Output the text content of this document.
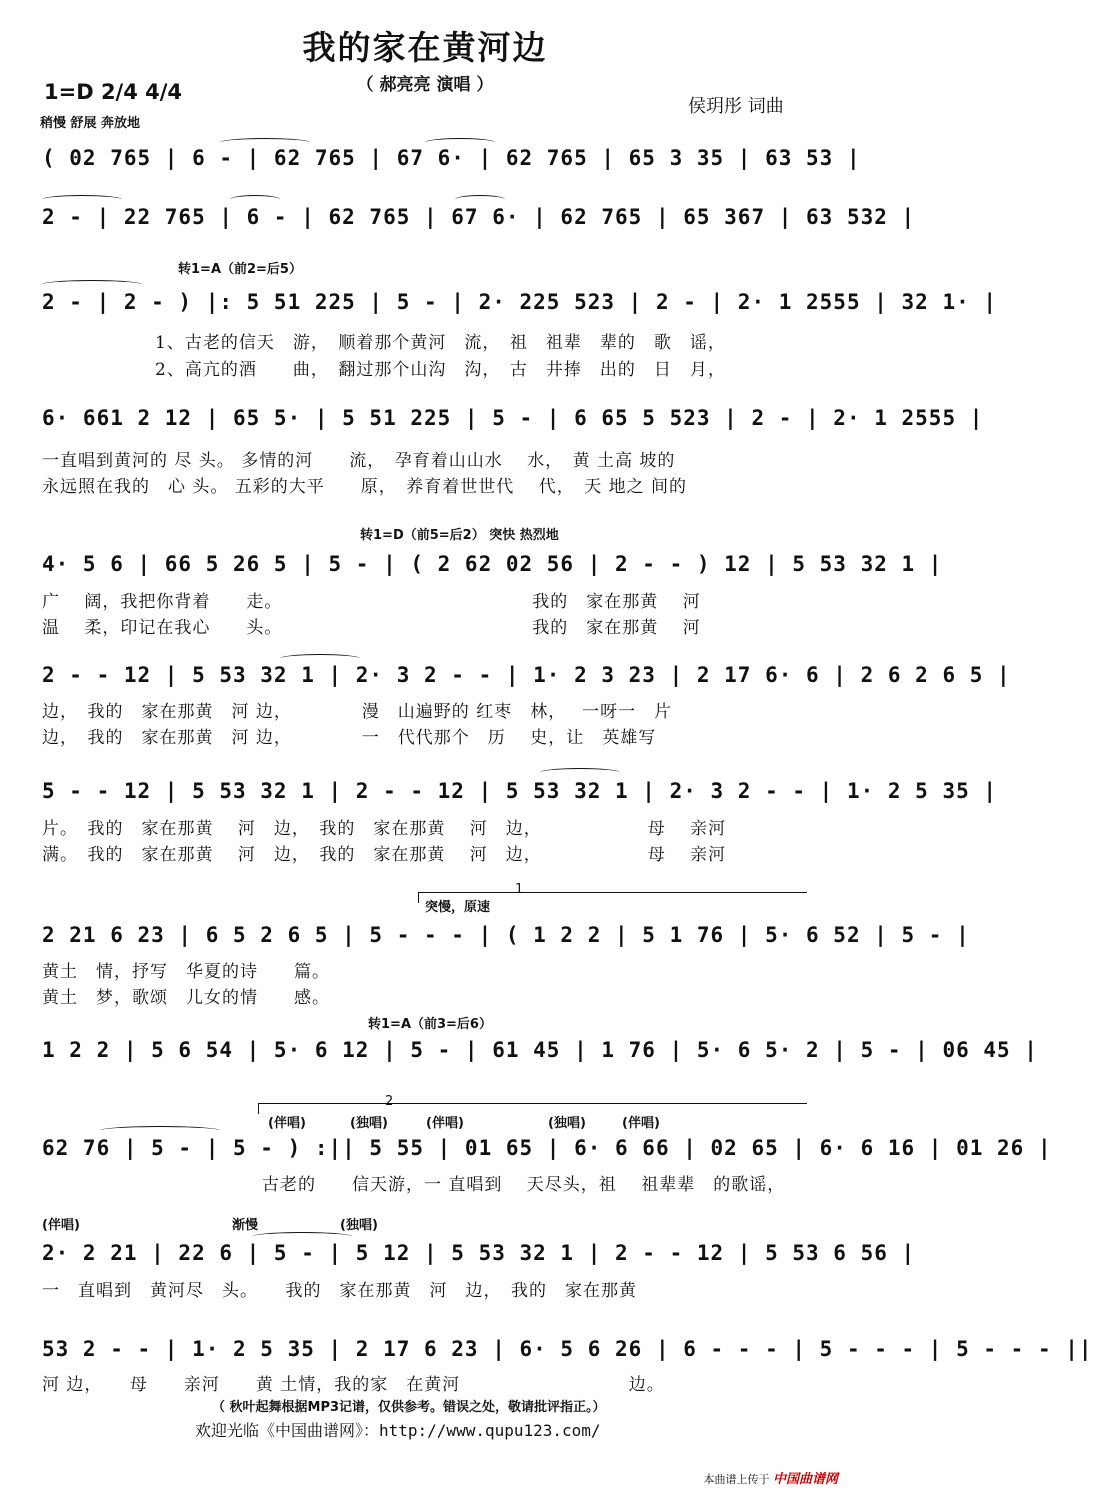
我的家在黄河边
（ 郝亮亮 演唱 ）
1=D 2/4 4/4
侯玥彤 词曲
稍慢 舒展 奔放地
( 02 765 | 6 - | 62 765 | 67 6· | 62 765 | 65 3 35 | 63 53 |
2 - | 22 765 | 6 - | 62 765 | 67 6· | 62 765 | 65 367 | 63 532 |
转1=A（前2=后5）
2 - | 2 - ) |: 5 51 225 | 5 - | 2· 225 523 | 2 - | 2· 1 2555 | 32 1· |
1、古老的信天　游，　顺着那个黄河　流，　祖　祖辈　辈的　歌　谣，
2、高亢的酒　　曲，　翻过那个山沟　沟，　古　井捧　出的　日　月，
6· 661 2 12 | 65 5· | 5 51 225 | 5 - | 6 65 5 523 | 2 - | 2· 1 2555 |
一直唱到黄河的 尽 头。 多情的河　　流，　孕育着山山水　 水，　黄 土高 坡的
永远照在我的　心 头。 五彩的大平　　原，　养育着世世代　 代，　天 地之 间的
转1=D（前5=后2） 突快 热烈地
4· 5 6 | 66 5 26 5 | 5 - | ( 2 62 02 56 | 2 - - ) 12 | 5 53 32 1 |
广　 阔，我把你背着　　走。　　　　　　　　　　　　　　 我的　家在那黄　 河
温　 柔，印记在我心　　头。　　　　　　　　　　　　　　 我的　家在那黄　 河
2 - - 12 | 5 53 32 1 | 2· 3 2 - - | 1· 2 3 23 | 2 17 6· 6 | 2 6 2 6 5 |
边，　我的　家在那黄　河 边，　　　　 漫　山遍野的 红枣　林，　 一呀一　片
边，　我的　家在那黄　河 边，　　　　 一　代代那个　历　 史，让　英雄写
5 - - 12 | 5 53 32 1 | 2 - - 12 | 5 53 32 1 | 2· 3 2 - - | 1· 2 5 35 |
片。　我的　家在那黄　 河　边，　我的　家在那黄　 河　边，　　　　　　 母　 亲河
满。　我的　家在那黄　 河　边，　我的　家在那黄　 河　边，　　　　　　 母　 亲河
1
突慢，原速
2 21 6 23 | 6 5 2 6 5 | 5 - - - | ( 1 2 2 | 5 1 76 | 5· 6 52 | 5 - |
黄土　情，抒写　华夏的诗　　篇。
黄土　梦，歌颂　儿女的情　　感。
转1=A（前3=后6）
1 2 2 | 5 6 54 | 5· 6 12 | 5 - | 61 45 | 1 76 | 5· 6 5· 2 | 5 - | 06 45 |
2
(伴唱)	(独唱)	(伴唱)	(独唱)	(伴唱)
62 76 | 5 - | 5 - ) :|| 5 55 | 01 65 | 6· 6 66 | 02 65 | 6· 6 16 | 01 26 |
古老的　　信天游，一 直唱到　 天尽头，祖　 祖辈辈　的歌谣，
(伴唱)	渐慢	(独唱)
2· 2 21 | 22 6 | 5 - | 5 12 | 5 53 32 1 | 2 - - 12 | 5 53 6 56 |
一　直唱到　黄河尽　头。　　我的　家在那黄　河　边，　我的　家在那黄
53 2 - - | 1· 2 5 35 | 2 17 6 23 | 6· 5 6 26 | 6 - - - | 5 - - - | 5 - - - ||
河 边，　　母　　亲河　　黄 土情，我的家　在黄河　　　　　　　　　 边。
（ 秋叶起舞根据MP3记谱，仅供参考。错误之处，敬请批评指正。）
欢迎光临《中国曲谱网》：http://www.qupu123.com/
本曲谱上传于 中国曲谱网
